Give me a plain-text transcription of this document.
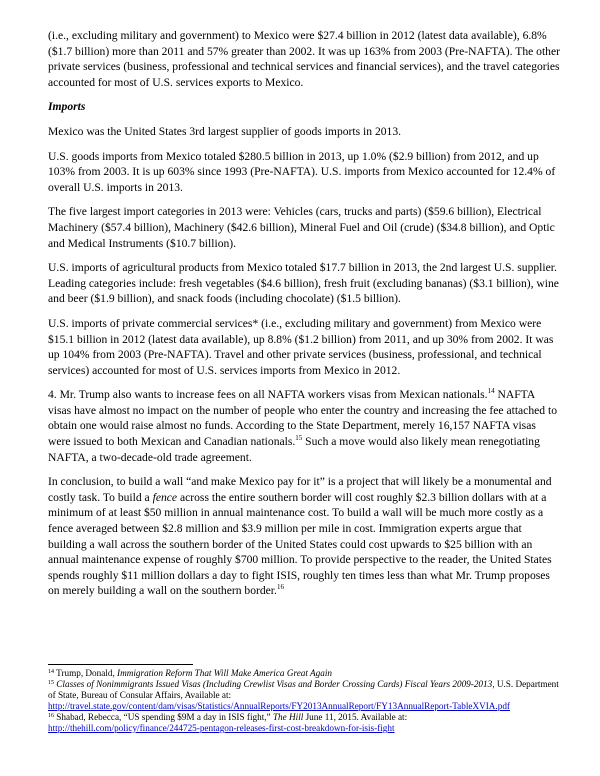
(i.e., excluding military and government) to Mexico were $27.4 billion in 2012 (latest data available), 6.8% ($1.7 billion) more than 2011 and 57% greater than 2002. It was up 163% from 2003 (Pre-NAFTA). The other private services (business, professional and technical services and financial services), and the travel categories accounted for most of U.S. services exports to Mexico.

Imports

Mexico was the United States 3rd largest supplier of goods imports in 2013.

U.S. goods imports from Mexico totaled $280.5 billion in 2013, up 1.0% ($2.9 billion) from 2012, and up 103% from 2003. It is up 603% since 1993 (Pre-NAFTA). U.S. imports from Mexico accounted for 12.4% of overall U.S. imports in 2013.

The five largest import categories in 2013 were: Vehicles (cars, trucks and parts) ($59.6 billion), Electrical Machinery ($57.4 billion), Machinery ($42.6 billion), Mineral Fuel and Oil (crude) ($34.8 billion), and Optic and Medical Instruments ($10.7 billion).

U.S. imports of agricultural products from Mexico totaled $17.7 billion in 2013, the 2nd largest U.S. supplier. Leading categories include: fresh vegetables ($4.6 billion), fresh fruit (excluding bananas) ($3.1 billion), wine and beer ($1.9 billion), and snack foods (including chocolate) ($1.5 billion).

U.S. imports of private commercial services* (i.e., excluding military and government) from Mexico were $15.1 billion in 2012 (latest data available), up 8.8% ($1.2 billion) from 2011, and up 30% from 2002. It was up 104% from 2003 (Pre-NAFTA). Travel and other private services (business, professional, and technical services) accounted for most of U.S. services imports from Mexico in 2012.

4. Mr. Trump also wants to increase fees on all NAFTA workers visas from Mexican nationals.$^{14}$ NAFTA visas have almost no impact on the number of people who enter the country and increasing the fee attached to obtain one would raise almost no funds. According to the State Department, merely 16,157 NAFTA visas were issued to both Mexican and Canadian nationals.$^{15}$ Such a move would also likely mean renegotiating NAFTA, a two-decade-old trade agreement.

In conclusion, to build a wall “and make Mexico pay for it” is a project that will likely be a monumental and costly task. To build a fence across the entire southern border will cost roughly $2.3 billion dollars with at a minimum of at least $50 million in annual maintenance cost. To build a wall will be much more costly as a fence averaged between $2.8 million and $3.9 million per mile in cost. Immigration experts argue that building a wall across the southern border of the United States could cost upwards to $25 billion with an annual maintenance expense of roughly $700 million. To provide perspective to the reader, the United States spends roughly $11 million dollars a day to fight ISIS, roughly ten times less than what Mr. Trump proposes on merely building a wall on the southern border.$^{16}$

$^{14}$ Trump, Donald, Immigration Reform That Will Make America Great Again

$^{15}$ Classes of Nonimmigrants Issued Visas (Including Crewlist Visas and Border Crossing Cards) Fiscal Years 2009-2013, U.S. Department of State, Bureau of Consular Affairs, Available at:
http://travel.state.gov/content/dam/visas/Statistics/AnnualReports/FY2013AnnualReport/FY13AnnualReport-TableXVIA.pdf

$^{16}$ Shabad, Rebecca, “US spending $9M a day in ISIS fight,” The Hill June 11, 2015. Available at:
http://thehill.com/policy/finance/244725-pentagon-releases-first-cost-breakdown-for-isis-fight
